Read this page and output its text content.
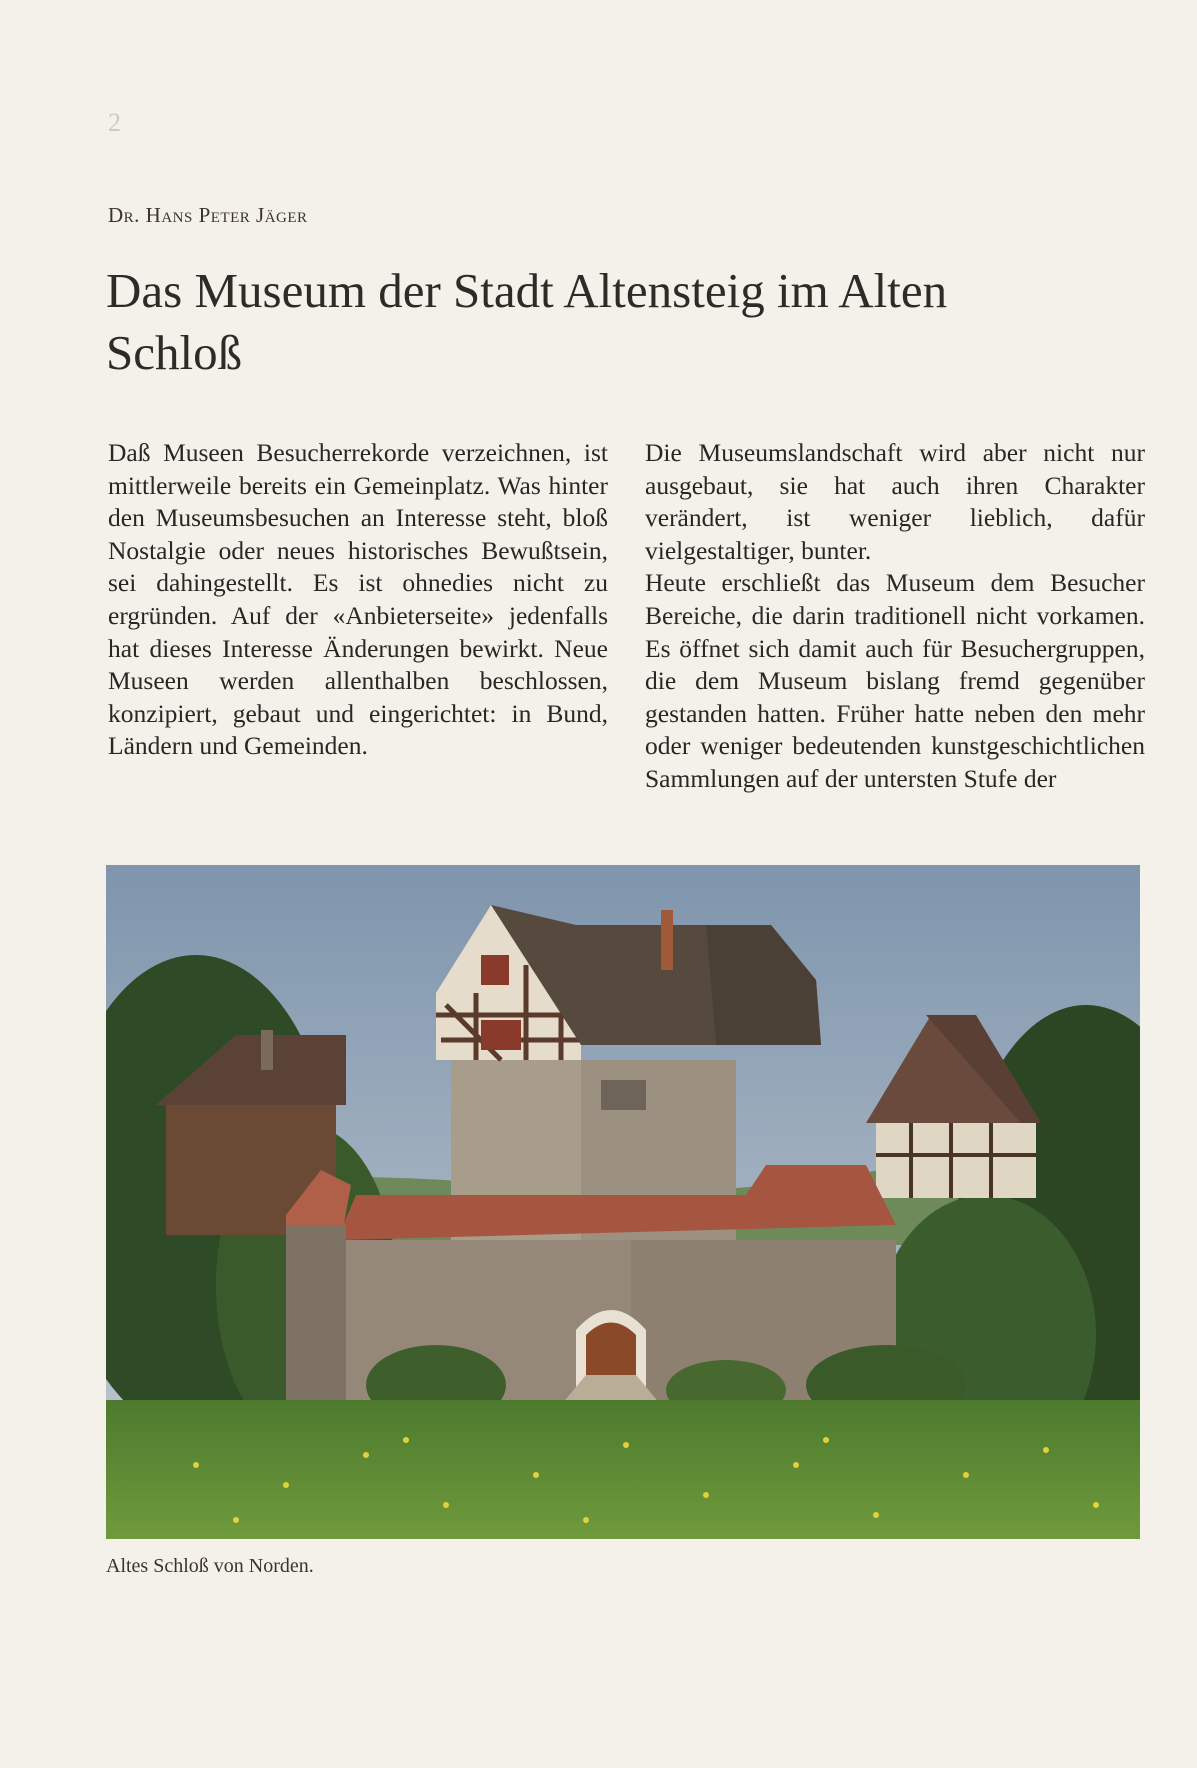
2
Dr. Hans Peter Jäger
Das Museum der Stadt Altensteig im Alten Schloß

Daß Museen Besucherrekorde verzeichnen, ist mittlerweile bereits ein Gemeinplatz. Was hinter den Museumsbesuchen an Interesse steht, bloß Nostalgie oder neues historisches Bewußtsein, sei dahingestellt. Es ist ohnedies nicht zu ergründen. Auf der «Anbieterseite» jedenfalls hat dieses Interesse Änderungen bewirkt. Neue Museen werden allenthalben beschlossen, konzipiert, gebaut und eingerichtet: in Bund, Ländern und Gemeinden.

Die Museumslandschaft wird aber nicht nur ausgebaut, sie hat auch ihren Charakter verändert, ist weniger lieblich, dafür vielgestaltiger, bunter.

Heute erschließt das Museum dem Besucher Bereiche, die darin traditionell nicht vorkamen. Es öffnet sich damit auch für Besuchergruppen, die dem Museum bislang fremd gegenüber gestanden hatten. Früher hatte neben den mehr oder weniger bedeutenden kunstgeschichtlichen Sammlungen auf der untersten Stufe der

Altes Schloß von Norden.
